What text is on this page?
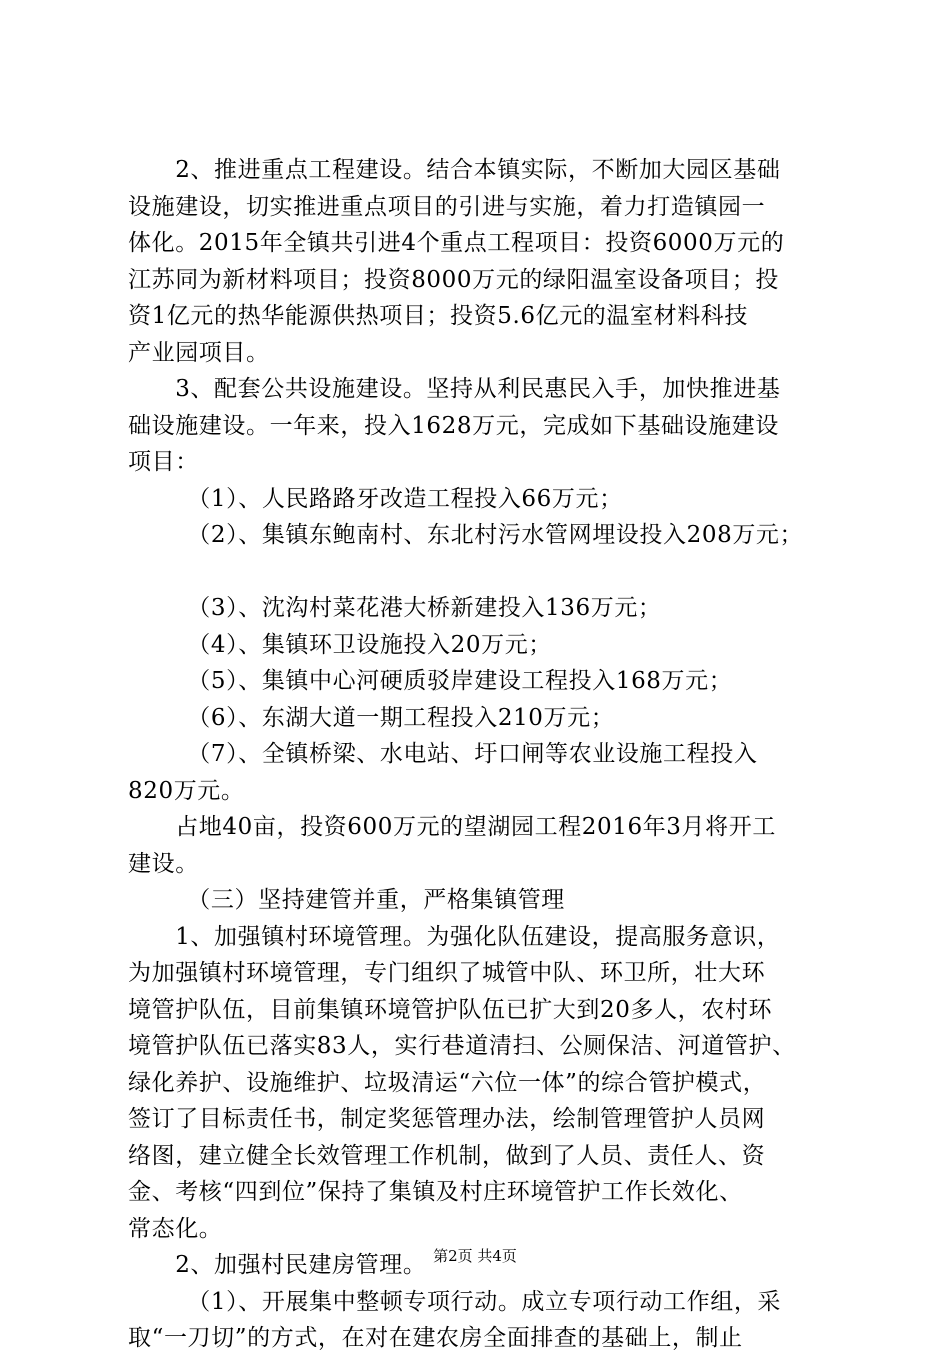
　　2、推进重点工程建设。结合本镇实际，不断加大园区基础
设施建设，切实推进重点项目的引进与实施，着力打造镇园一
体化。2015年全镇共引进4个重点工程项目：投资6000万元的
江苏同为新材料项目；投资8000万元的绿阳温室设备项目；投
资1亿元的热华能源供热项目；投资5.6亿元的温室材料科技
产业园项目。
　　3、配套公共设施建设。坚持从利民惠民入手，加快推进基
础设施建设。一年来，投入1628万元，完成如下基础设施建设
项目：
　　　（1）、人民路路牙改造工程投入66万元；
　　　（2）、集镇东鲍南村、东北村污水管网埋设投入208万元；
　　　（3）、沈沟村菜花港大桥新建投入136万元；
　　　（4）、集镇环卫设施投入20万元；
　　　（5）、集镇中心河硬质驳岸建设工程投入168万元；
　　　（6）、东湖大道一期工程投入210万元；
　　　（7）、全镇桥梁、水电站、圩口闸等农业设施工程投入
820万元。
　　占地40亩，投资600万元的望湖园工程2016年3月将开工
建设。
　　　（三）坚持建管并重，严格集镇管理
　　1、加强镇村环境管理。为强化队伍建设，提高服务意识，
为加强镇村环境管理，专门组织了城管中队、环卫所，壮大环
境管护队伍，目前集镇环境管护队伍已扩大到20多人，农村环
境管护队伍已落实83人，实行巷道清扫、公厕保洁、河道管护、
绿化养护、设施维护、垃圾清运“六位一体”的综合管护模式，
签订了目标责任书，制定奖惩管理办法，绘制管理管护人员网
络图，建立健全长效管理工作机制，做到了人员、责任人、资
金、考核“四到位”保持了集镇及村庄环境管护工作长效化、
常态化。
　　2、加强村民建房管理。
　　　（1）、开展集中整顿专项行动。成立专项行动工作组，采
取“一刀切”的方式，在对在建农房全面排查的基础上，制止
第2页 共4页
